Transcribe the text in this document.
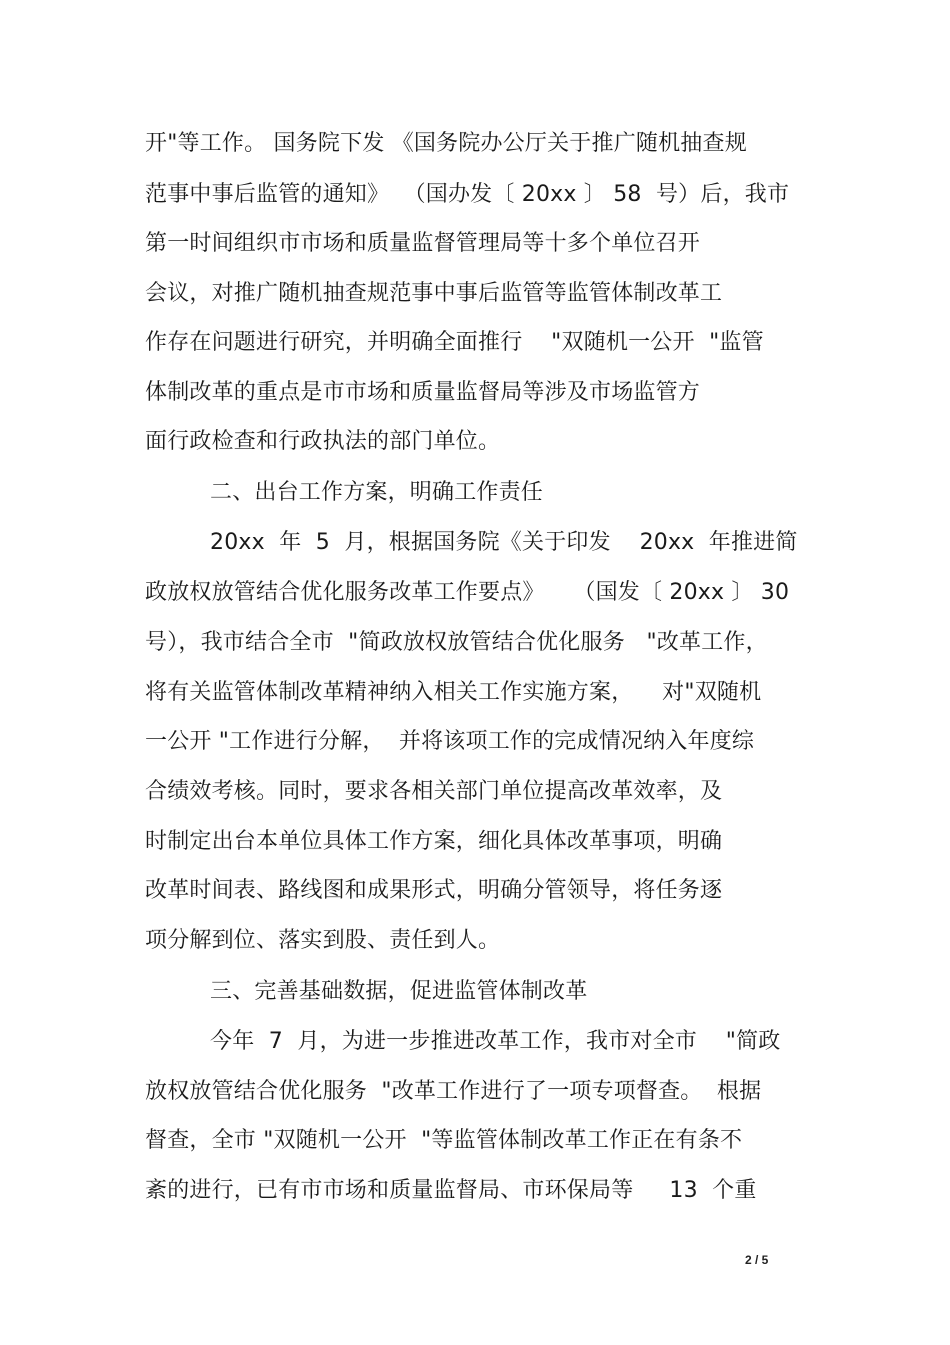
开"等工作。 国务院下发 《国务院办公厅关于推广随机抽查规
范事中事后监管的通知》  （国办发〔 20xx 〕 58  号）后，我市
第一时间组织市市场和质量监督管理局等十多个单位召开
会议，对推广随机抽查规范事中事后监管等监管体制改革工
作存在问题进行研究，并明确全面推行    "双随机一公开  "监管
体制改革的重点是市市场和质量监督局等涉及市场监管方
面行政检查和行政执法的部门单位。
二、出台工作方案，明确工作责任
20xx  年  5  月，根据国务院《关于印发    20xx  年推进简
政放权放管结合优化服务改革工作要点》    （国发〔 20xx 〕 30
号），我市结合全市  "简政放权放管结合优化服务   "改革工作，
将有关监管体制改革精神纳入相关工作实施方案，    对"双随机
一公开 "工作进行分解，  并将该项工作的完成情况纳入年度综
合绩效考核。同时，要求各相关部门单位提高改革效率，及
时制定出台本单位具体工作方案，细化具体改革事项，明确
改革时间表、路线图和成果形式，明确分管领导，将任务逐
项分解到位、落实到股、责任到人。
三、完善基础数据，促进监管体制改革
今年  7  月，为进一步推进改革工作，我市对全市    "简政
放权放管结合优化服务  "改革工作进行了一项专项督查。  根据
督查，全市 "双随机一公开  "等监管体制改革工作正在有条不
紊的进行，已有市市场和质量监督局、市环保局等     13  个重
2 / 5
